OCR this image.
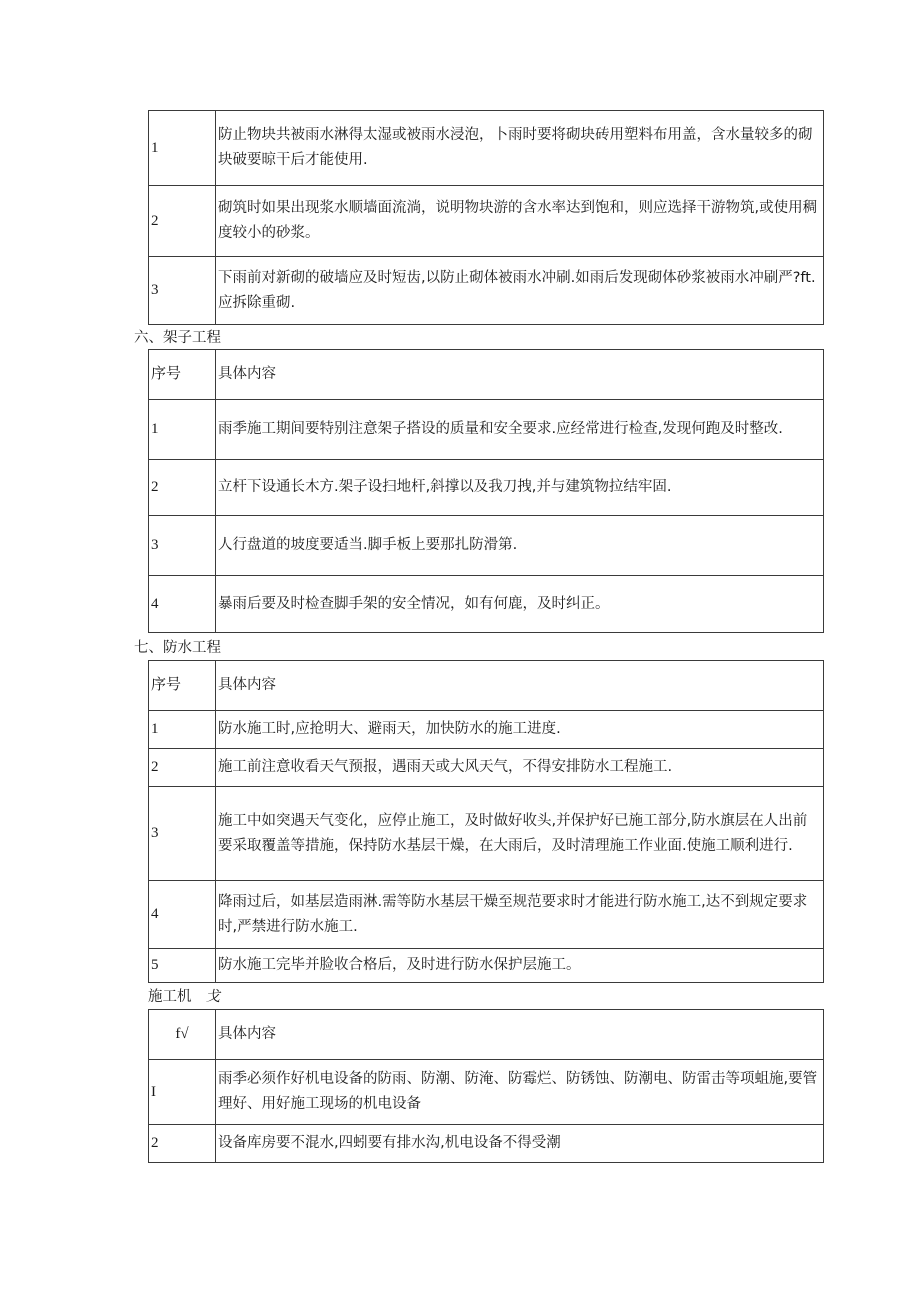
1	防止物块共被雨水淋得太湿或被雨水浸泡，卜雨时要将砌块砖用塑料布用盖，含水量较多的砌块破要晾干后才能使用.
2	砌筑时如果出现浆水顺墙面流淌，说明物块游的含水率达到饱和，则应选择干游物筑,或使用稠度较小的砂浆。
3	下雨前对新砌的破墙应及时短齿,以防止砌体被雨水冲刷.如雨后发现砌体砂浆被雨水冲刷严?ft.应拆除重砌.
六、架子工程
序号	具体内容
1	雨季施工期间要特别注意架子搭设的质量和安全要求.应经常进行检查,发现何跑及时整改.
2	立杆下设通长木方.架子设扫地杆,斜撑以及我刀拽,并与建筑物拉结牢固.
3	人行盘道的坡度要适当.脚手板上要那扎防滑第.
4	暴雨后要及时检查脚手架的安全情况，如有何鹿，及时纠正。
七、防水工程
序号	具体内容
1	防水施工时,应抢明大、避雨天，加快防水的施工进度.
2	施工前注意收看天气预报，遇雨天或大风天气，不得安排防水工程施工.
3	施工中如突遇天气变化，应停止施工，及时做好收头,并保护好已施工部分,防水旗层在人出前要采取覆盖等措施，保持防水基层干燥，在大雨后，及时清理施工作业面.使施工顺利进行.
4	降雨过后，如基层造雨淋.需等防水基层干燥至规范要求时才能进行防水施工,达不到规定要求时,严禁进行防水施工.
5	防水施工完毕并脸收合格后，及时进行防水保护层施工。
施工机 戈
f√	具体内容
I	雨季必须作好机电设备的防雨、防潮、防淹、防霉烂、防锈蚀、防潮电、防雷击等项蛆施,要管理好、用好施工现场的机电设备
2	设备库房要不混水,四蚓要有排水沟,机电设备不得受潮
